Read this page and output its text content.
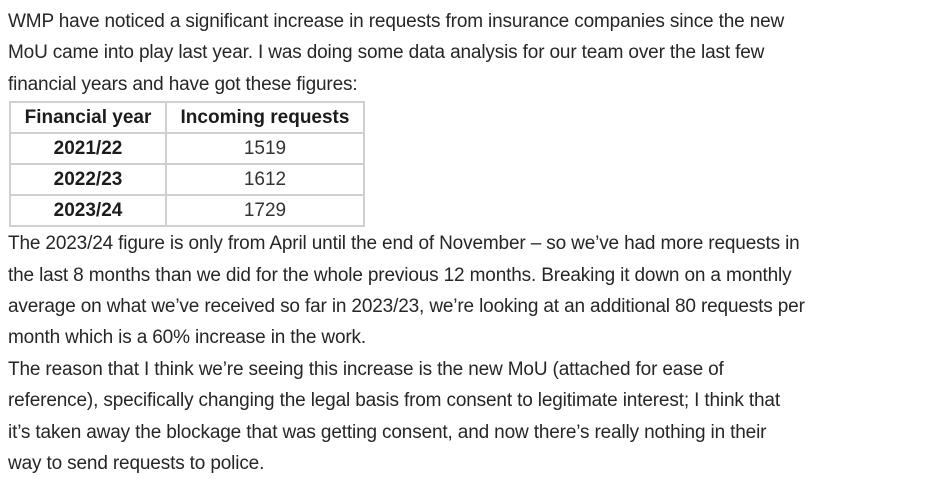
WMP have noticed a significant increase in requests from insurance companies since the new
MoU came into play last year. I was doing some data analysis for our team over the last few
financial years and have got these figures:

Financial year	Incoming requests
2021/22	1519
2022/23	1612
2023/24	1729

The 2023/24 figure is only from April until the end of November – so we’ve had more requests in
the last 8 months than we did for the whole previous 12 months. Breaking it down on a monthly
average on what we’ve received so far in 2023/23, we’re looking at an additional 80 requests per
month which is a 60% increase in the work.

The reason that I think we’re seeing this increase is the new MoU (attached for ease of
reference), specifically changing the legal basis from consent to legitimate interest; I think that
it’s taken away the blockage that was getting consent, and now there’s really nothing in their
way to send requests to police.
